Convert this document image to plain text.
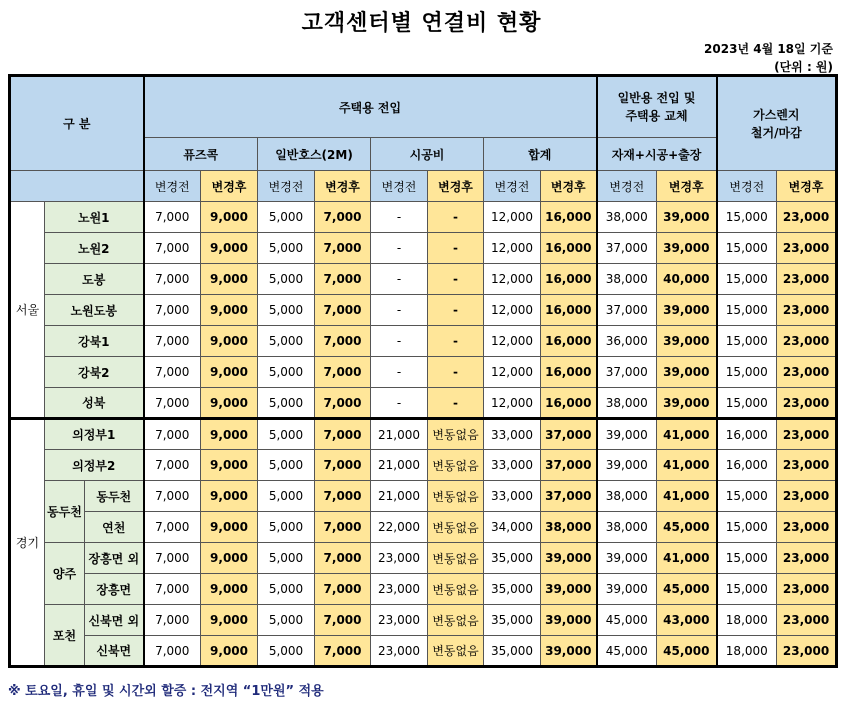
고객센터별 연결비 현황
2023년 4월 18일 기준
(단위 : 원)
구 분			주택용 전입								일반용 전입 및
주택용 교체		가스렌지
철거/마감	
			퓨즈콕		일반호스(2M)		시공비		합계		자재+시공+출장			
			변경전	변경후	변경전	변경후	변경전	변경후	변경전	변경후	변경전	변경후	변경전	변경후
서울	노원1		7,000	9,000	5,000	7,000	-	-	12,000	16,000	38,000	39,000	15,000	23,000
	노원2		7,000	9,000	5,000	7,000	-	-	12,000	16,000	37,000	39,000	15,000	23,000
	도봉		7,000	9,000	5,000	7,000	-	-	12,000	16,000	38,000	40,000	15,000	23,000
	노원도봉		7,000	9,000	5,000	7,000	-	-	12,000	16,000	37,000	39,000	15,000	23,000
	강북1		7,000	9,000	5,000	7,000	-	-	12,000	16,000	36,000	39,000	15,000	23,000
	강북2		7,000	9,000	5,000	7,000	-	-	12,000	16,000	37,000	39,000	15,000	23,000
	성북		7,000	9,000	5,000	7,000	-	-	12,000	16,000	38,000	39,000	15,000	23,000
경기	의정부1		7,000	9,000	5,000	7,000	21,000	변동없음	33,000	37,000	39,000	41,000	16,000	23,000
	의정부2		7,000	9,000	5,000	7,000	21,000	변동없음	33,000	37,000	39,000	41,000	16,000	23,000
	동두천	동두천	7,000	9,000	5,000	7,000	21,000	변동없음	33,000	37,000	38,000	41,000	15,000	23,000
		연천	7,000	9,000	5,000	7,000	22,000	변동없음	34,000	38,000	38,000	45,000	15,000	23,000
	양주	장흥면 외	7,000	9,000	5,000	7,000	23,000	변동없음	35,000	39,000	39,000	41,000	15,000	23,000
		장흥면	7,000	9,000	5,000	7,000	23,000	변동없음	35,000	39,000	39,000	45,000	15,000	23,000
	포천	신북면 외	7,000	9,000	5,000	7,000	23,000	변동없음	35,000	39,000	45,000	43,000	18,000	23,000
		신북면	7,000	9,000	5,000	7,000	23,000	변동없음	35,000	39,000	45,000	45,000	18,000	23,000
※ 토요일, 휴일 및 시간외 할증 : 전지역 “1만원” 적용
